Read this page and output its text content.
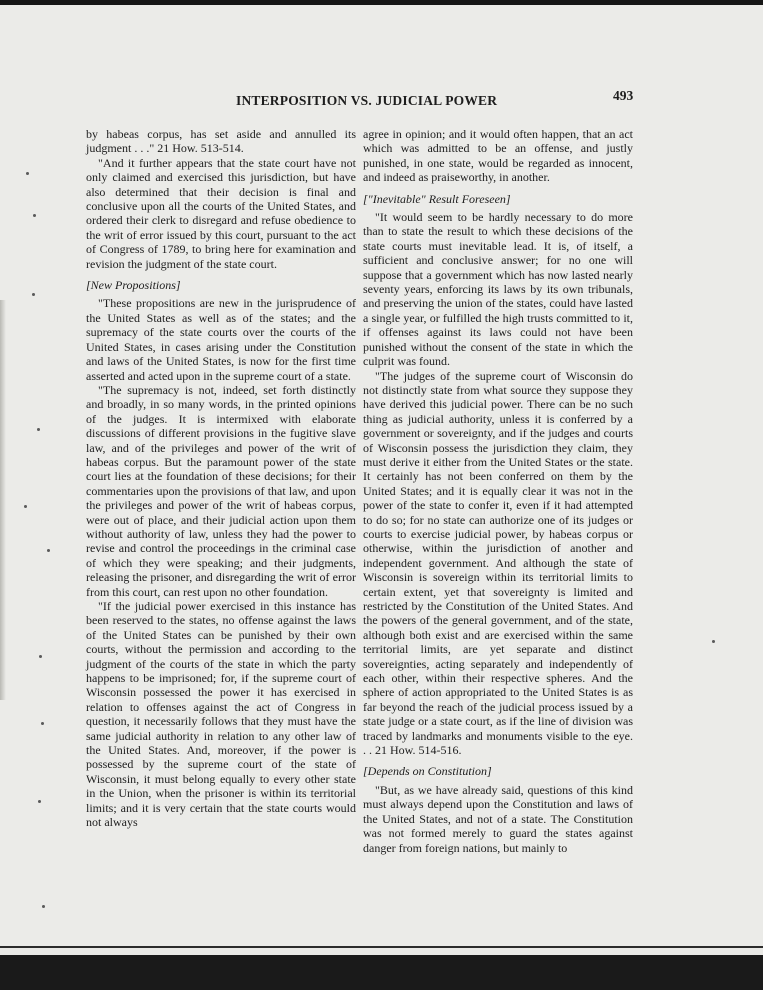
INTERPOSITION VS. JUDICIAL POWER	493

by habeas corpus, has set aside and annulled its judgment . . ." 21 How. 513-514.

"And it further appears that the state court have not only claimed and exercised this jurisdiction, but have also determined that their decision is final and conclusive upon all the courts of the United States, and ordered their clerk to disregard and refuse obedience to the writ of error issued by this court, pursuant to the act of Congress of 1789, to bring here for examination and revision the judgment of the state court.

[New Propositions]

"These propositions are new in the jurisprudence of the United States as well as of the states; and the supremacy of the state courts over the courts of the United States, in cases arising under the Constitution and laws of the United States, is now for the first time asserted and acted upon in the supreme court of a state.

"The supremacy is not, indeed, set forth distinctly and broadly, in so many words, in the printed opinions of the judges. It is intermixed with elaborate discussions of different provisions in the fugitive slave law, and of the privileges and power of the writ of habeas corpus. But the paramount power of the state court lies at the foundation of these decisions; for their commentaries upon the provisions of that law, and upon the privileges and power of the writ of habeas corpus, were out of place, and their judicial action upon them without authority of law, unless they had the power to revise and control the proceedings in the criminal case of which they were speaking; and their judgments, releasing the prisoner, and disregarding the writ of error from this court, can rest upon no other foundation.

"If the judicial power exercised in this instance has been reserved to the states, no offense against the laws of the United States can be punished by their own courts, without the permission and according to the judgment of the courts of the state in which the party happens to be imprisoned; for, if the supreme court of Wisconsin possessed the power it has exercised in relation to offenses against the act of Congress in question, it necessarily follows that they must have the same judicial authority in relation to any other law of the United States. And, moreover, if the power is possessed by the supreme court of the state of Wisconsin, it must belong equally to every other state in the Union, when the prisoner is within its territorial limits; and it is very certain that the state courts would not always

agree in opinion; and it would often happen, that an act which was admitted to be an offense, and justly punished, in one state, would be regarded as innocent, and indeed as praiseworthy, in another.

["Inevitable" Result Foreseen]

"It would seem to be hardly necessary to do more than to state the result to which these decisions of the state courts must inevitable lead. It is, of itself, a sufficient and conclusive answer; for no one will suppose that a government which has now lasted nearly seventy years, enforcing its laws by its own tribunals, and preserving the union of the states, could have lasted a single year, or fulfilled the high trusts committed to it, if offenses against its laws could not have been punished without the consent of the state in which the culprit was found.

"The judges of the supreme court of Wisconsin do not distinctly state from what source they suppose they have derived this judicial power. There can be no such thing as judicial authority, unless it is conferred by a government or sovereignty, and if the judges and courts of Wisconsin possess the jurisdiction they claim, they must derive it either from the United States or the state. It certainly has not been conferred on them by the United States; and it is equally clear it was not in the power of the state to confer it, even if it had attempted to do so; for no state can authorize one of its judges or courts to exercise judicial power, by habeas corpus or otherwise, within the jurisdiction of another and independent government. And although the state of Wisconsin is sovereign within its territorial limits to certain extent, yet that sovereignty is limited and restricted by the Constitution of the United States. And the powers of the general government, and of the state, although both exist and are exercised within the same territorial limits, are yet separate and distinct sovereignties, acting separately and independently of each other, within their respective spheres. And the sphere of action appropriated to the United States is as far beyond the reach of the judicial process issued by a state judge or a state court, as if the line of division was traced by landmarks and monuments visible to the eye. . . 21 How. 514-516.

[Depends on Constitution]

"But, as we have already said, questions of this kind must always depend upon the Constitution and laws of the United States, and not of a state. The Constitution was not formed merely to guard the states against danger from foreign nations, but mainly to
